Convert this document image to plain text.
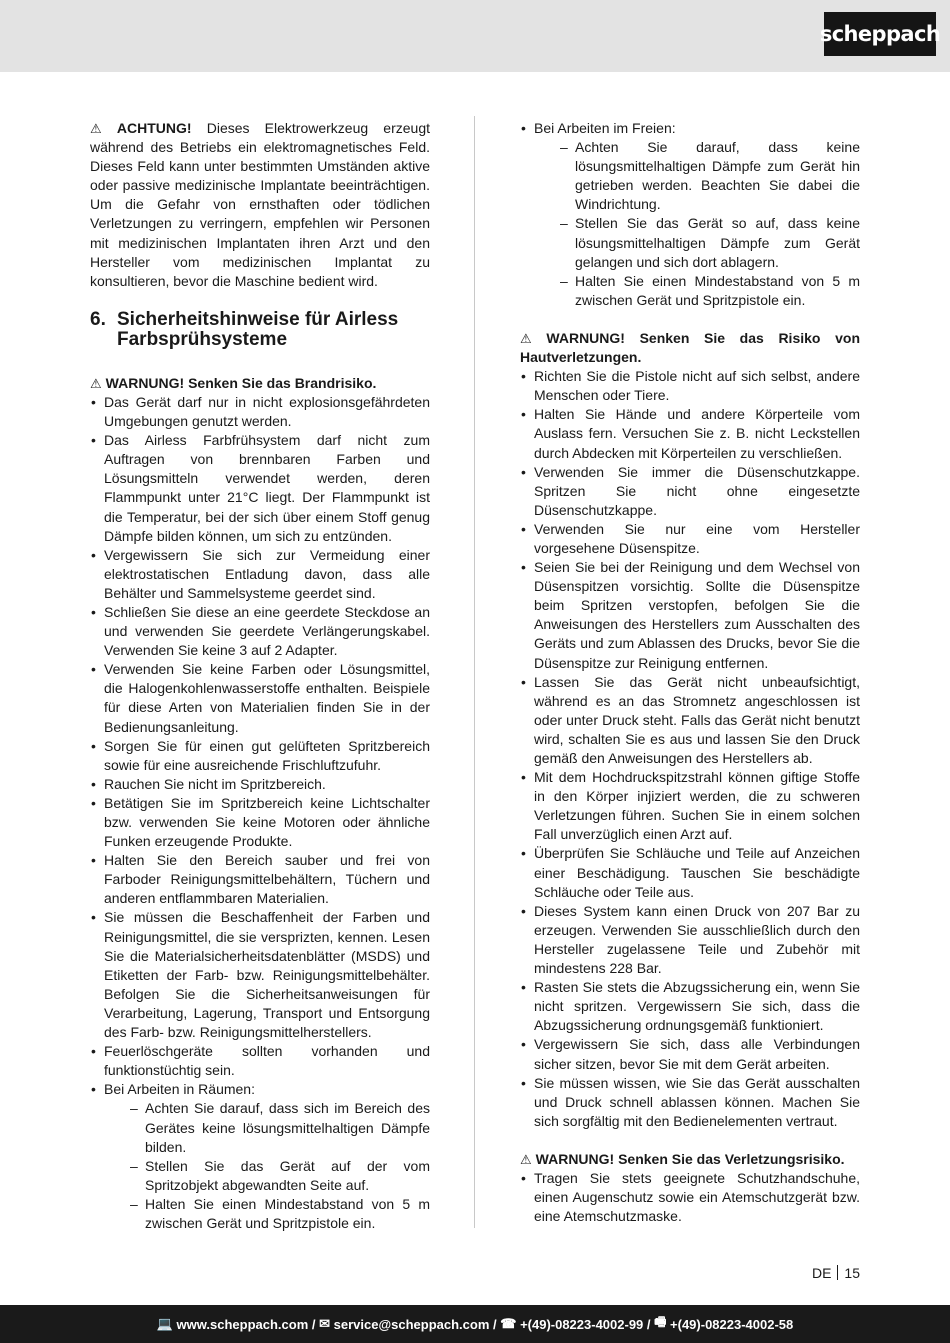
scheppach

⚠ ACHTUNG! Dieses Elektrowerkzeug erzeugt während des Betriebs ein elektromagnetisches Feld. Dieses Feld kann unter bestimmten Umständen aktive oder passive medizinische Implantate beeinträchtigen. Um die Gefahr von ernsthaften oder tödlichen Verletzungen zu verringern, empfehlen wir Personen mit medizinischen Implantaten ihren Arzt und den Hersteller vom medizinischen Implantat zu konsultieren, bevor die Maschine bedient wird.

6. Sicherheitshinweise für Airless Farbsprühsysteme

⚠ WARNUNG! Senken Sie das Brandrisiko.

• Das Gerät darf nur in nicht explosionsgefährdeten Umgebungen genutzt werden.
• Das Airless Farbfrühsystem darf nicht zum Auftragen von brennbaren Farben und Lösungsmitteln verwendet werden, deren Flammpunkt unter 21°C liegt. Der Flammpunkt ist die Temperatur, bei der sich über einem Stoff genug Dämpfe bilden können, um sich zu entzünden.
• Vergewissern Sie sich zur Vermeidung einer elektrostatischen Entladung davon, dass alle Behälter und Sammelsysteme geerdet sind.
• Schließen Sie diese an eine geerdete Steckdose an und verwenden Sie geerdete Verlängerungskabel. Verwenden Sie keine 3 auf 2 Adapter.
• Verwenden Sie keine Farben oder Lösungsmittel, die Halogenkohlenwasserstoffe enthalten. Beispiele für diese Arten von Materialien finden Sie in der Bedienungsanleitung.
• Sorgen Sie für einen gut gelüfteten Spritzbereich sowie für eine ausreichende Frischluftzufuhr.
• Rauchen Sie nicht im Spritzbereich.
• Betätigen Sie im Spritzbereich keine Lichtschalter bzw. verwenden Sie keine Motoren oder ähnliche Funken erzeugende Produkte.
• Halten Sie den Bereich sauber und frei von Farboder Reinigungsmittelbehältern, Tüchern und anderen entflammbaren Materialien.
• Sie müssen die Beschaffenheit der Farben und Reinigungsmittel, die sie versprizten, kennen. Lesen Sie die Materialsicherheitsdatenblätter (MSDS) und Etiketten der Farb- bzw. Reinigungsmittelbehälter. Befolgen Sie die Sicherheitsanweisungen für Verarbeitung, Lagerung, Transport und Entsorgung des Farb- bzw. Reinigungsmittelherstellers.
• Feuerlöschgeräte sollten vorhanden und funktionstüchtig sein.
• Bei Arbeiten in Räumen:
– Achten Sie darauf, dass sich im Bereich des Gerätes keine lösungsmittelhaltigen Dämpfe bilden.
– Stellen Sie das Gerät auf der vom Spritzobjekt abgewandten Seite auf.
– Halten Sie einen Mindestabstand von 5 m zwischen Gerät und Spritzpistole ein.
• Bei Arbeiten im Freien:
– Achten Sie darauf, dass keine lösungsmittelhaltigen Dämpfe zum Gerät hin getrieben werden. Beachten Sie dabei die Windrichtung.
– Stellen Sie das Gerät so auf, dass keine lösungsmittelhaltigen Dämpfe zum Gerät gelangen und sich dort ablagern.
– Halten Sie einen Mindestabstand von 5 m zwischen Gerät und Spritzpistole ein.

⚠ WARNUNG! Senken Sie das Risiko von Hautverletzungen.

• Richten Sie die Pistole nicht auf sich selbst, andere Menschen oder Tiere.
• Halten Sie Hände und andere Körperteile vom Auslass fern. Versuchen Sie z. B. nicht Leckstellen durch Abdecken mit Körperteilen zu verschließen.
• Verwenden Sie immer die Düsenschutzkappe. Spritzen Sie nicht ohne eingesetzte Düsenschutzkappe.
• Verwenden Sie nur eine vom Hersteller vorgesehene Düsenspitze.
• Seien Sie bei der Reinigung und dem Wechsel von Düsenspitzen vorsichtig. Sollte die Düsenspitze beim Spritzen verstopfen, befolgen Sie die Anweisungen des Herstellers zum Ausschalten des Geräts und zum Ablassen des Drucks, bevor Sie die Düsenspitze zur Reinigung entfernen.
• Lassen Sie das Gerät nicht unbeaufsichtigt, während es an das Stromnetz angeschlossen ist oder unter Druck steht. Falls das Gerät nicht benutzt wird, schalten Sie es aus und lassen Sie den Druck gemäß den Anweisungen des Herstellers ab.
• Mit dem Hochdruckspitzstrahl können giftige Stoffe in den Körper injiziert werden, die zu schweren Verletzungen führen. Suchen Sie in einem solchen Fall unverzüglich einen Arzt auf.
• Überprüfen Sie Schläuche und Teile auf Anzeichen einer Beschädigung. Tauschen Sie beschädigte Schläuche oder Teile aus.
• Dieses System kann einen Druck von 207 Bar zu erzeugen. Verwenden Sie ausschließlich durch den Hersteller zugelassene Teile und Zubehör mit mindestens 228 Bar.
• Rasten Sie stets die Abzugssicherung ein, wenn Sie nicht spritzen. Vergewissern Sie sich, dass die Abzugssicherung ordnungsgemäß funktioniert.
• Vergewissern Sie sich, dass alle Verbindungen sicher sitzen, bevor Sie mit dem Gerät arbeiten.
• Sie müssen wissen, wie Sie das Gerät ausschalten und Druck schnell ablassen können. Machen Sie sich sorgfältig mit den Bedienelementen vertraut.

⚠ WARNUNG! Senken Sie das Verletzungsrisiko.

• Tragen Sie stets geeignete Schutzhandschuhe, einen Augenschutz sowie ein Atemschutzgerät bzw. eine Atemschutzmaske.
DE 15
💻 www.scheppach.com / ✉ service@scheppach.com / ☎ +(49)-08223-4002-99 / 🖷 +(49)-08223-4002-58
